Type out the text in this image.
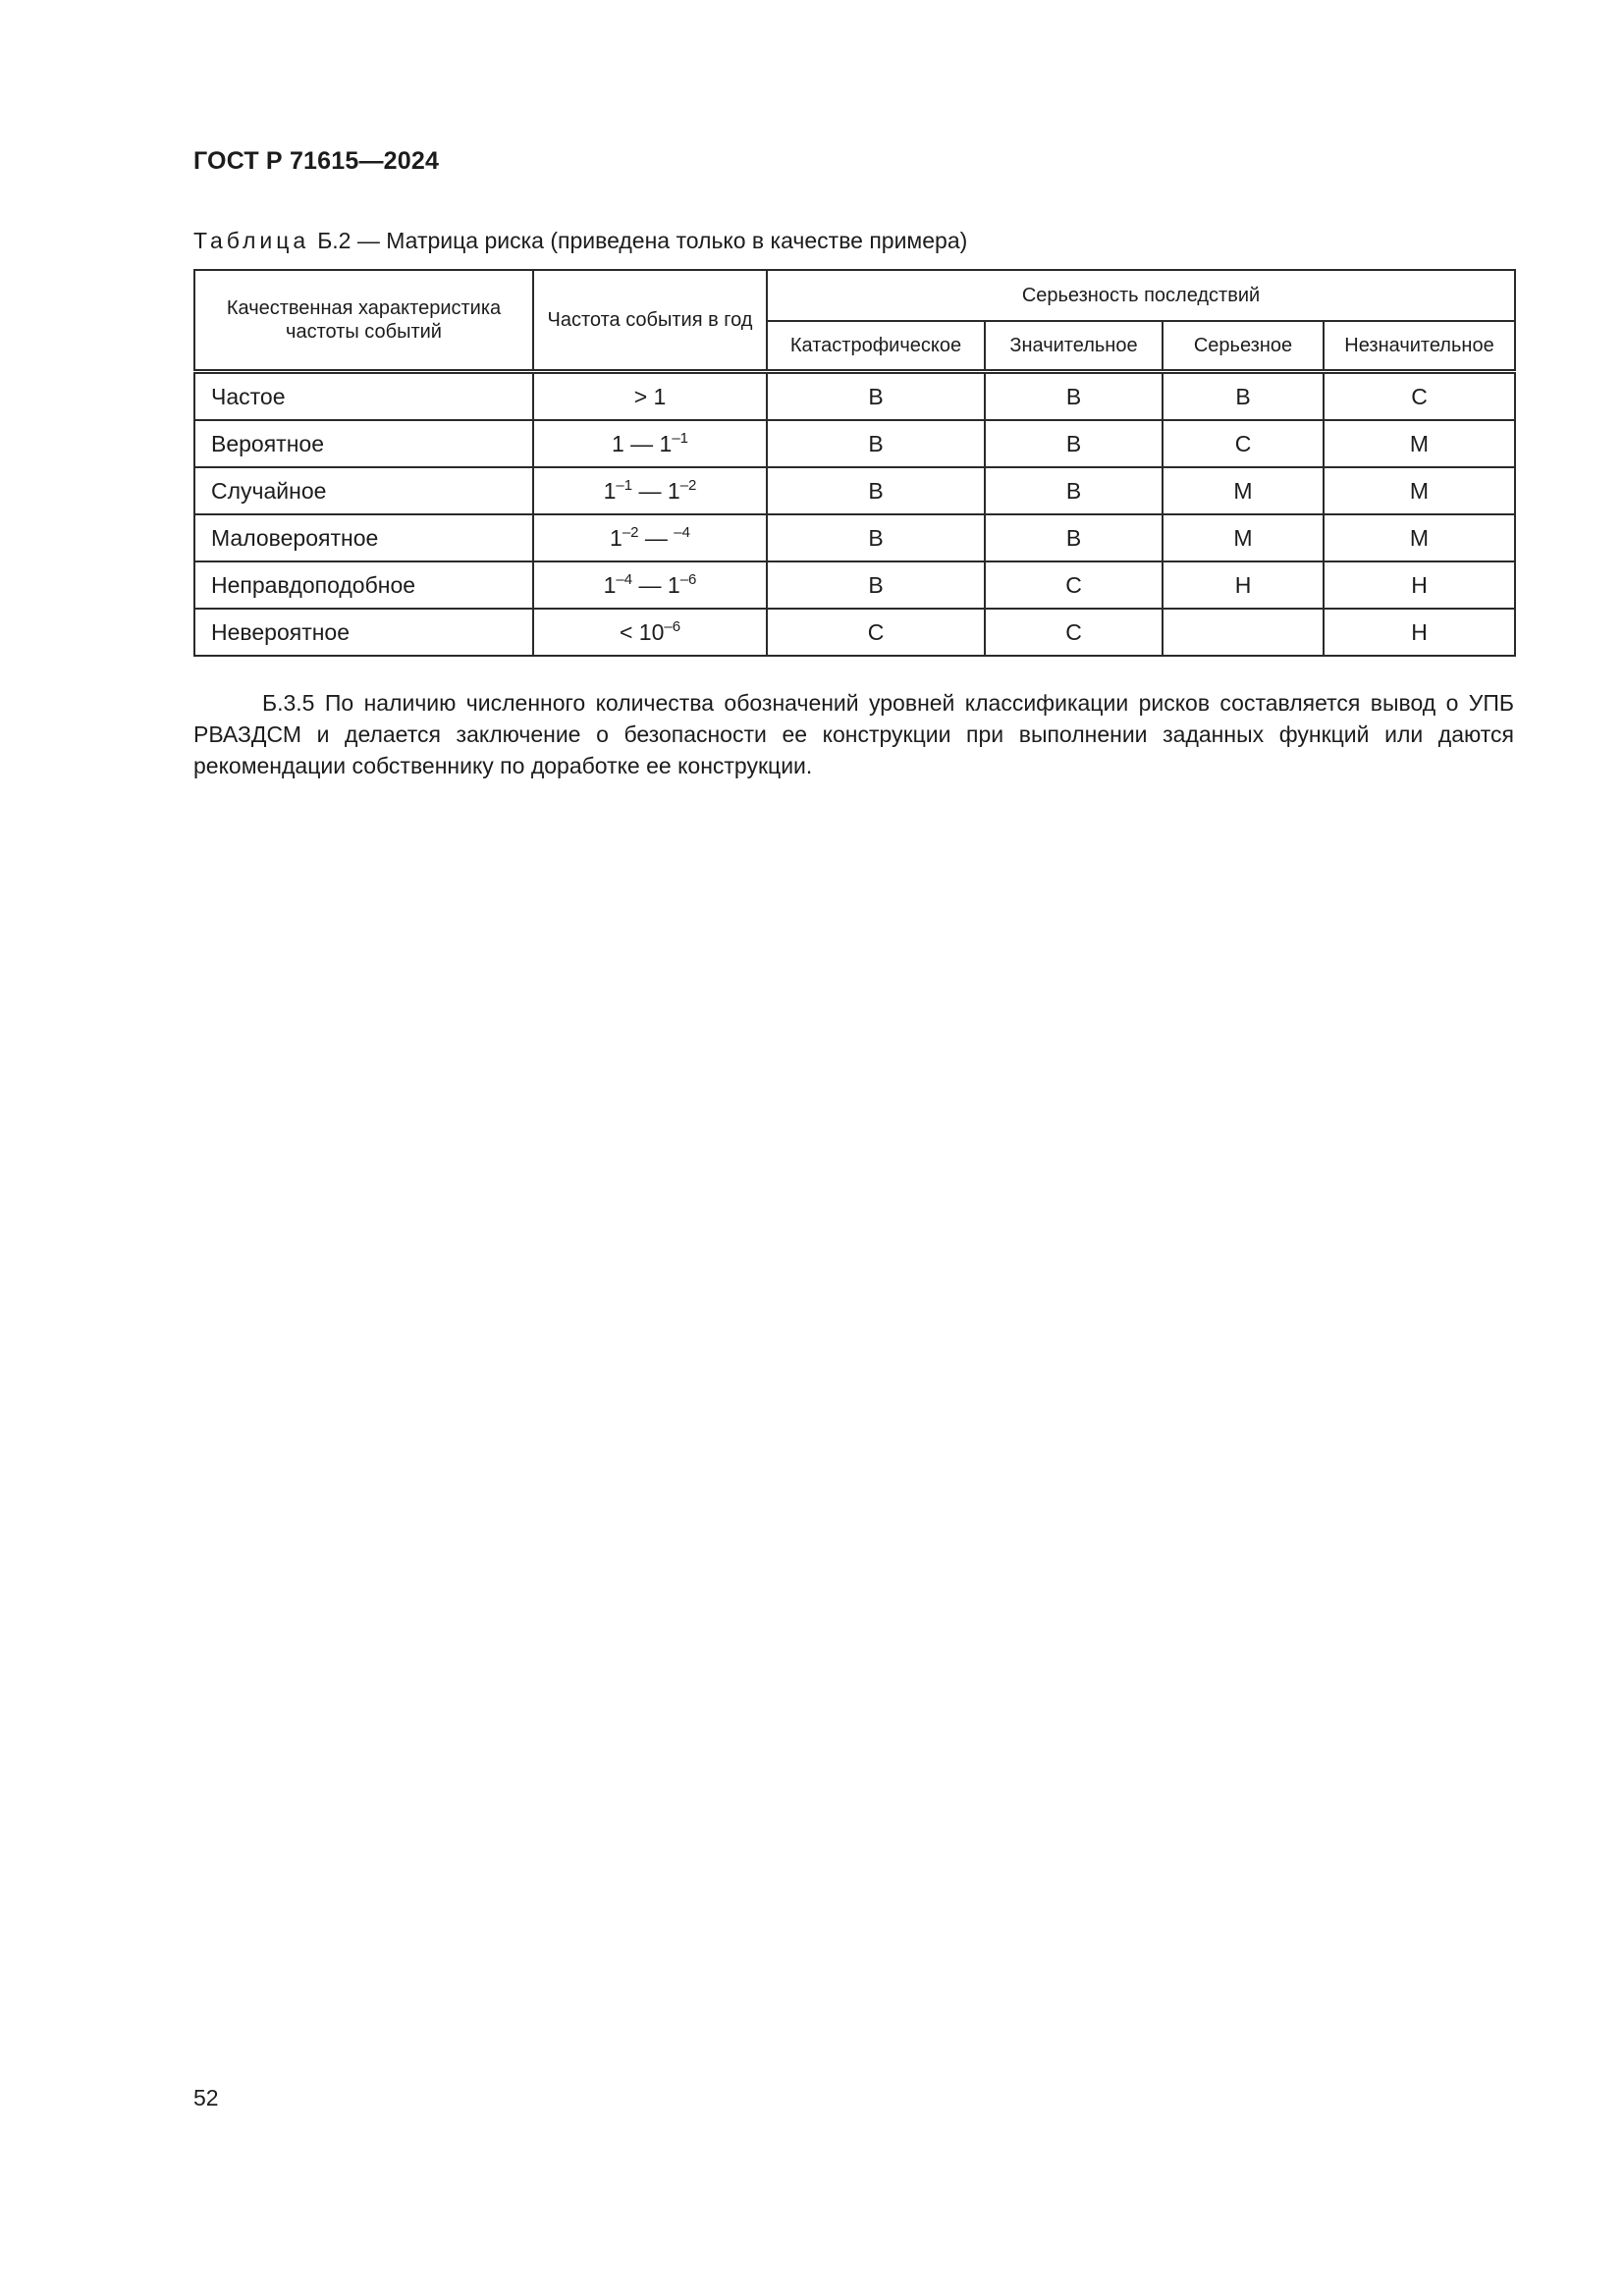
ГОСТ Р 71615—2024
Таблица Б.2 — Матрица риска (приведена только в качестве примера)
Качественная характеристика частоты событий	Частота события в год	Серьезность последствий			
		Катастрофическое	Значительное	Серьезное	Незначительное
Частое	> 1	В	В	В	С
Вероятное	1 — $1^{-1}$	В	В	С	М
Случайное	$1^{-1}$ — $1^{-2}$	В	В	М	М
Маловероятное	$1^{-2}$ — $^{-4}$	В	В	М	М
Неправдоподобное	$1^{-4}$ — $1^{-6}$	В	С	Н	Н
Невероятное	< $10^{-6}$	С	С		Н
Б.3.5 По наличию численного количества обозначений уровней классификации рисков составляется вывод о УПБ РВАЗДСМ и делается заключение о безопасности ее конструкции при выполнении заданных функций или даются рекомендации собственнику по доработке ее конструкции.
52
